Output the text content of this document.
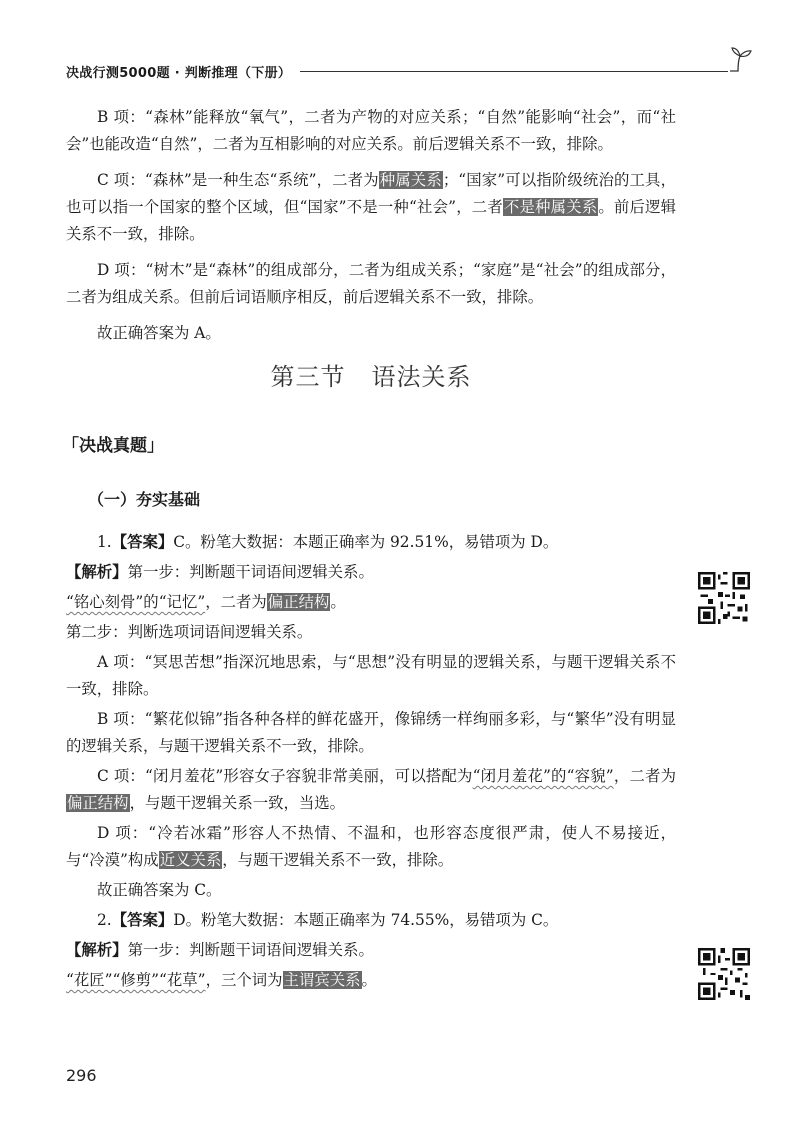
决战行测5000题 · 判断推理（下册）

B 项：“森林”能释放“氧气”，二者为产物的对应关系；“自然”能影响“社会”，而“社会”也能改造“自然”，二者为互相影响的对应关系。前后逻辑关系不一致，排除。

C 项：“森林”是一种生态“系统”，二者为种属关系；“国家”可以指阶级统治的工具，也可以指一个国家的整个区域，但“国家”不是一种“社会”，二者不是种属关系。前后逻辑关系不一致，排除。

D 项：“树木”是“森林”的组成部分，二者为组成关系；“家庭”是“社会”的组成部分，二者为组成关系。但前后词语顺序相反，前后逻辑关系不一致，排除。

故正确答案为 A。

第三节 语法关系
「决战真题」
（一）夯实基础

1.【答案】C。粉笔大数据：本题正确率为 92.51%，易错项为 D。

【解析】第一步：判断题干词语间逻辑关系。

“铭心刻骨”的“记忆”，二者为偏正结构。

第二步：判断选项词语间逻辑关系。

A 项：“冥思苦想”指深沉地思索，与“思想”没有明显的逻辑关系，与题干逻辑关系不一致，排除。

B 项：“繁花似锦”指各种各样的鲜花盛开，像锦绣一样绚丽多彩，与“繁华”没有明显的逻辑关系，与题干逻辑关系不一致，排除。

C 项：“闭月羞花”形容女子容貌非常美丽，可以搭配为“闭月羞花”的“容貌”，二者为偏正结构，与题干逻辑关系一致，当选。

D 项：“冷若冰霜”形容人不热情、不温和，也形容态度很严肃，使人不易接近，与“冷漠”构成近义关系，与题干逻辑关系不一致，排除。

故正确答案为 C。

2.【答案】D。粉笔大数据：本题正确率为 74.55%，易错项为 C。

【解析】第一步：判断题干词语间逻辑关系。

“花匠”“修剪”“花草”，三个词为主谓宾关系。

296
